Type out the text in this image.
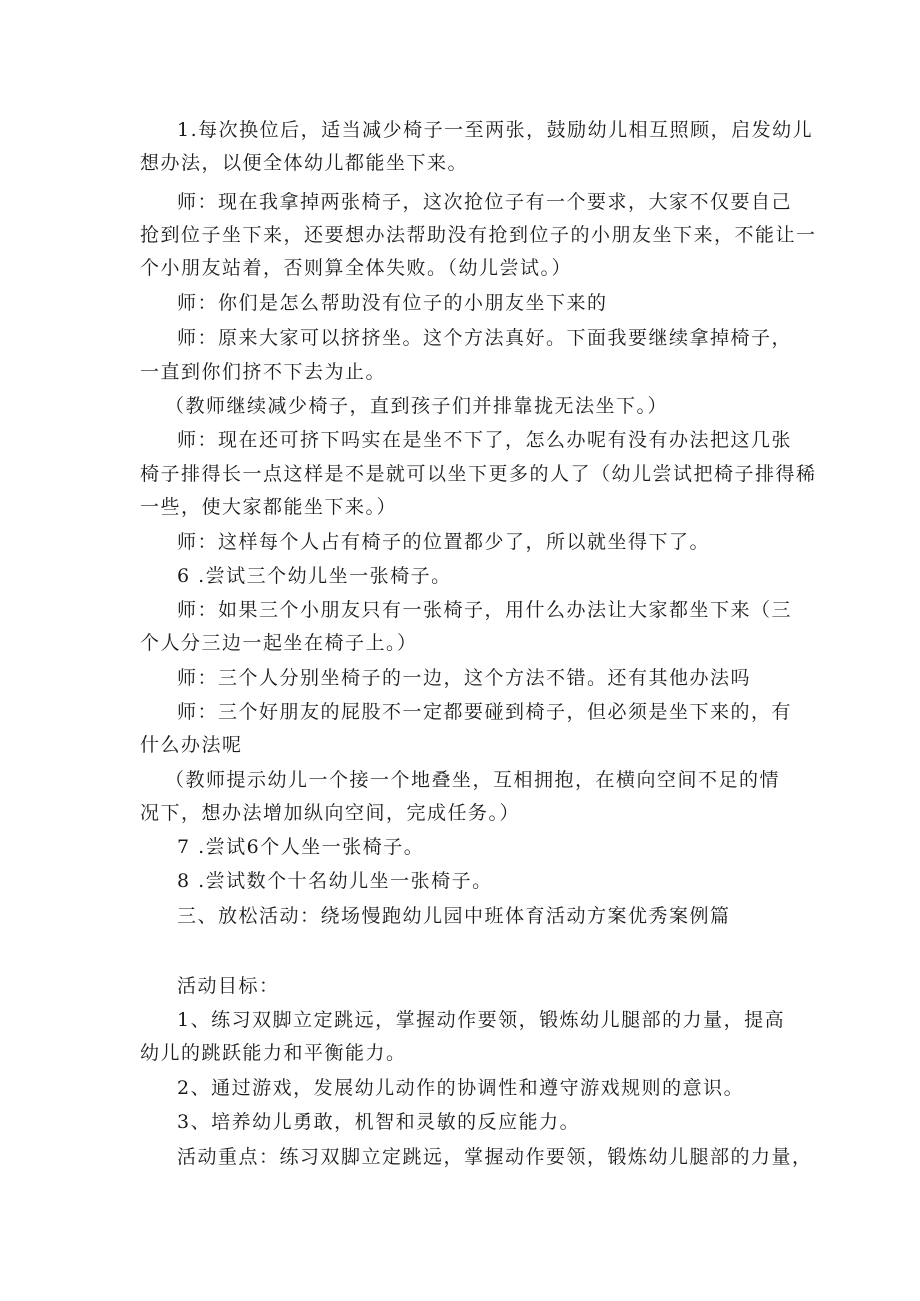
1.每次换位后，适当减少椅子一至两张，鼓励幼儿相互照顾，启发幼儿

想办法，以便全体幼儿都能坐下来。

师：现在我拿掉两张椅子，这次抢位子有一个要求，大家不仅要自己

抢到位子坐下来，还要想办法帮助没有抢到位子的小朋友坐下来，不能让一

个小朋友站着，否则算全体失败。（幼儿尝试。）

师：你们是怎么帮助没有位子的小朋友坐下来的

师：原来大家可以挤挤坐。这个方法真好。下面我要继续拿掉椅子，

一直到你们挤不下去为止。

（教师继续减少椅子，直到孩子们并排靠拢无法坐下。）

师：现在还可挤下吗实在是坐不下了，怎么办呢有没有办法把这几张

椅子排得长一点这样是不是就可以坐下更多的人了（幼儿尝试把椅子排得稀

一些，使大家都能坐下来。）

师：这样每个人占有椅子的位置都少了，所以就坐得下了。

6 .尝试三个幼儿坐一张椅子。

师：如果三个小朋友只有一张椅子，用什么办法让大家都坐下来（三

个人分三边一起坐在椅子上。）

师：三个人分别坐椅子的一边，这个方法不错。还有其他办法吗

师：三个好朋友的屁股不一定都要碰到椅子，但必须是坐下来的，有

什么办法呢

（教师提示幼儿一个接一个地叠坐，互相拥抱，在横向空间不足的情

况下，想办法增加纵向空间，完成任务。）

7 .尝试6个人坐一张椅子。

8 .尝试数个十名幼儿坐一张椅子。

三、放松活动：绕场慢跑幼儿园中班体育活动方案优秀案例篇

活动目标：

1、练习双脚立定跳远，掌握动作要领，锻炼幼儿腿部的力量，提高

幼儿的跳跃能力和平衡能力。

2、通过游戏，发展幼儿动作的协调性和遵守游戏规则的意识。

3、培养幼儿勇敢，机智和灵敏的反应能力。

活动重点：练习双脚立定跳远，掌握动作要领，锻炼幼儿腿部的力量，
